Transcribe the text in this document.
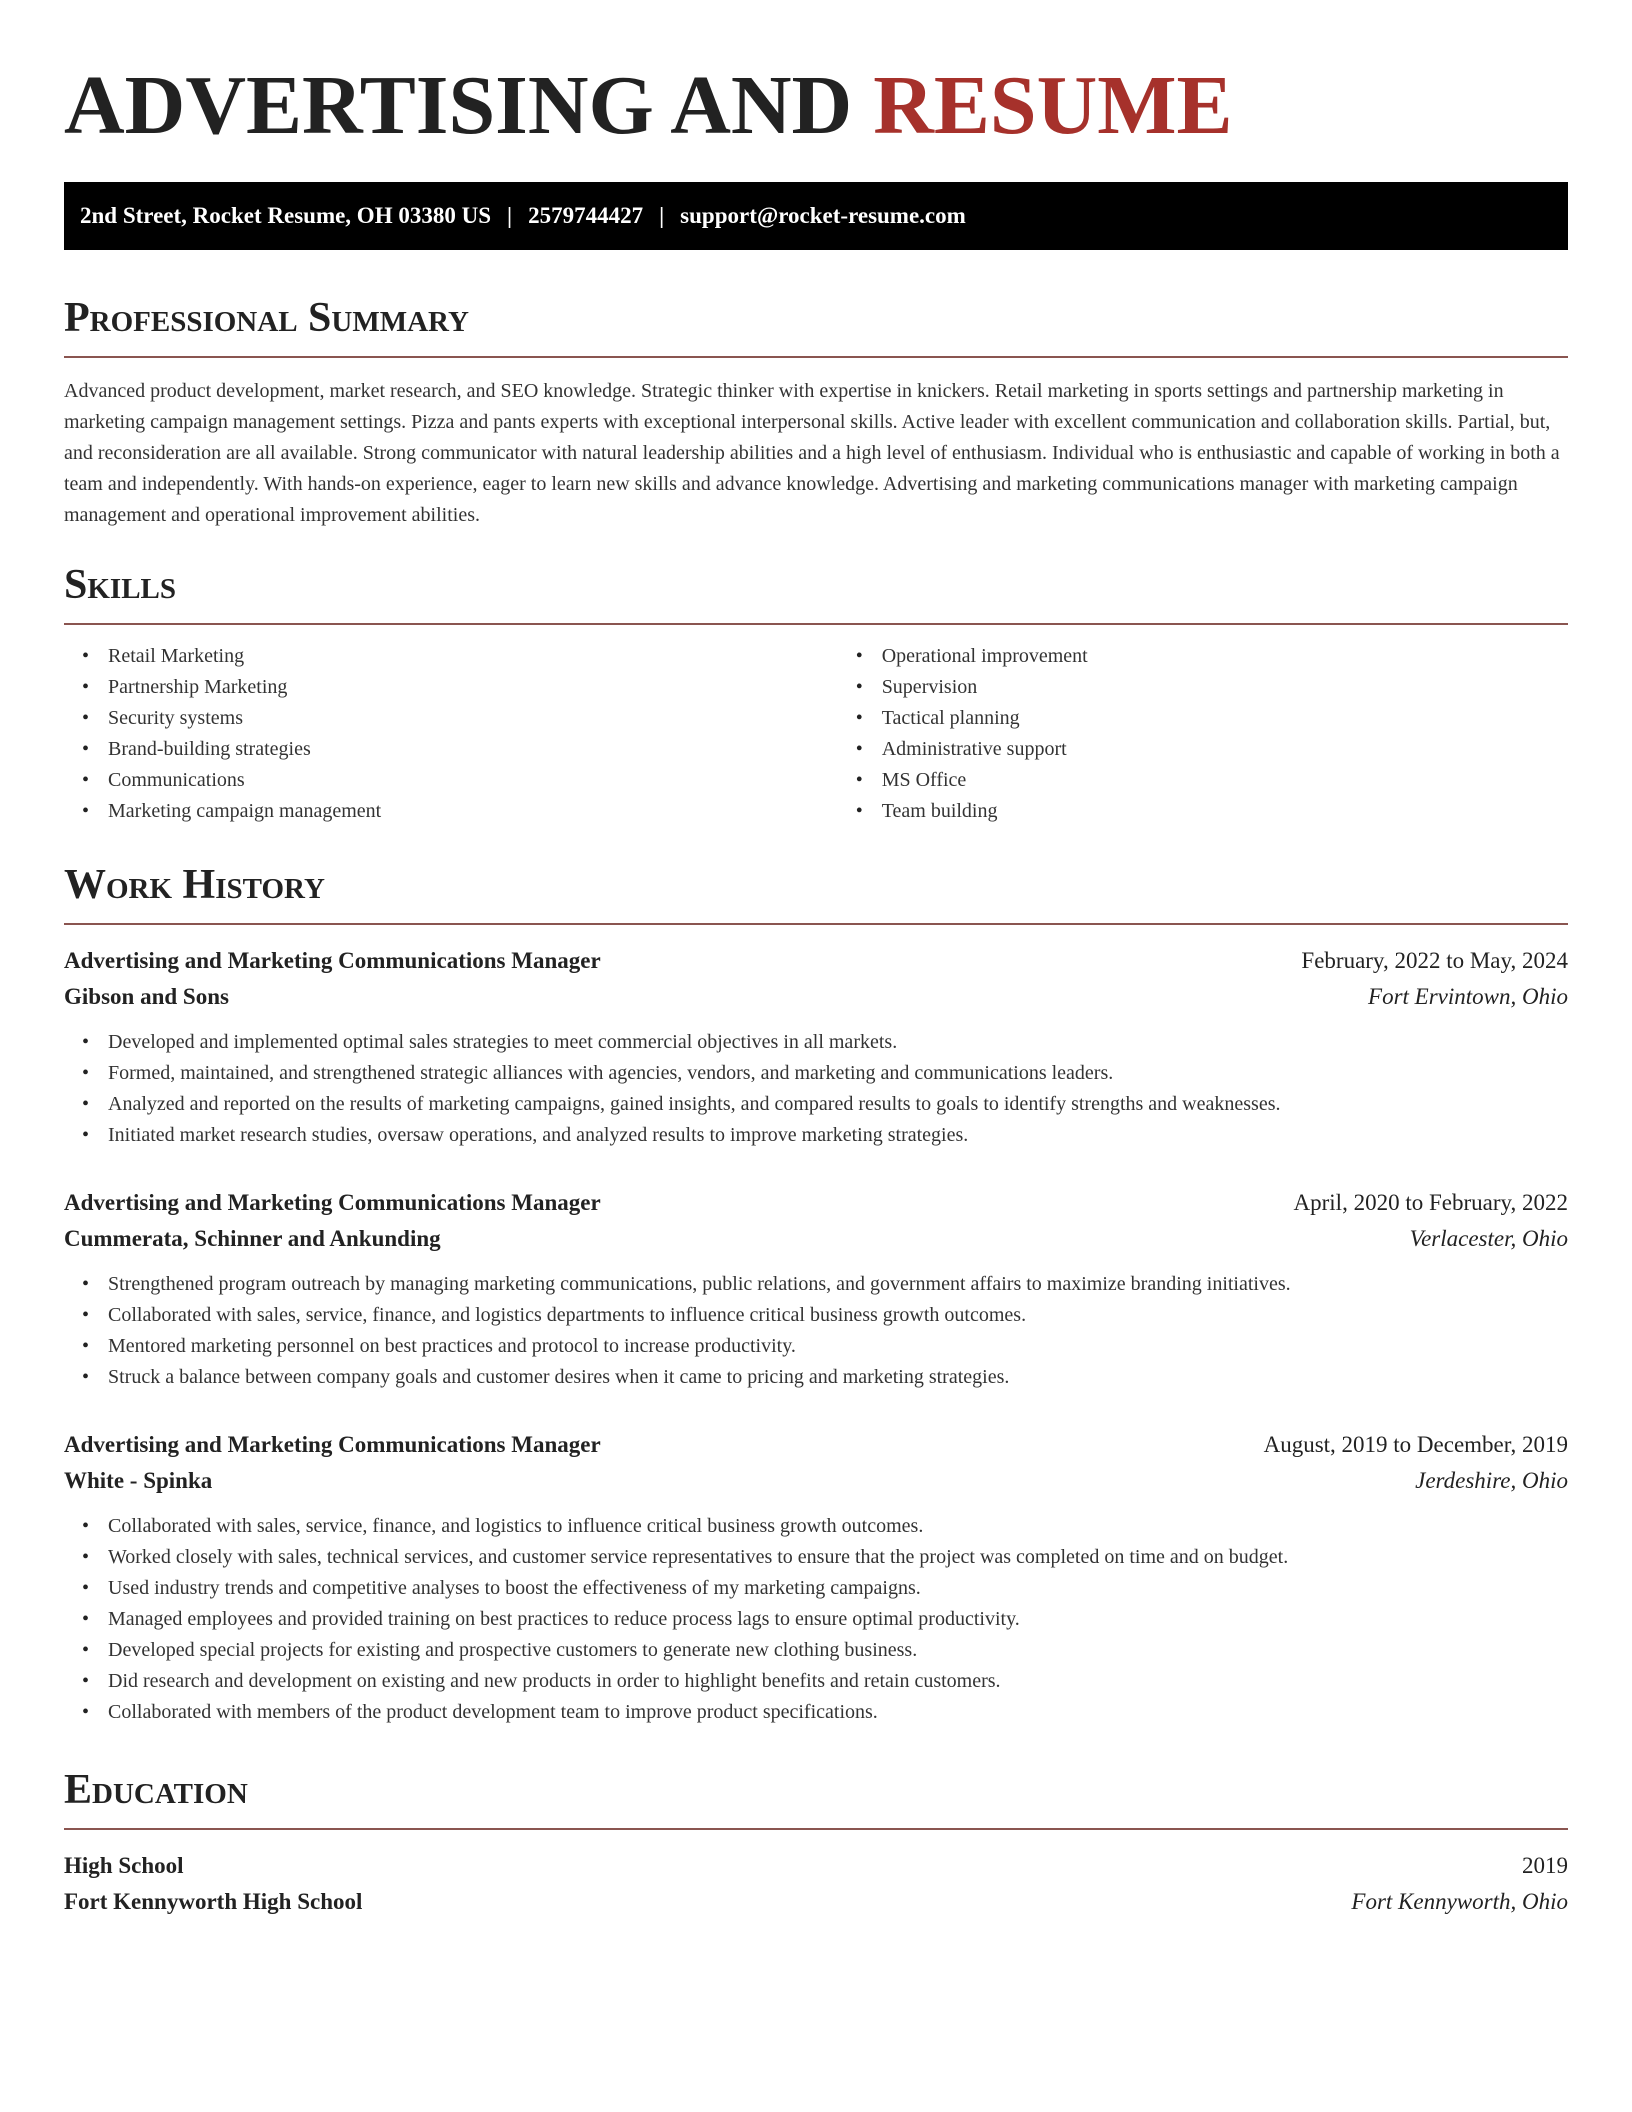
ADVERTISING AND RESUME
2nd Street, Rocket Resume, OH 03380 US | 2579744427 | support@rocket-resume.com
Professional Summary

Advanced product development, market research, and SEO knowledge. Strategic thinker with expertise in knickers. Retail marketing in sports settings and partnership marketing in marketing campaign management settings. Pizza and pants experts with exceptional interpersonal skills. Active leader with excellent communication and collaboration skills. Partial, but, and reconsideration are all available. Strong communicator with natural leadership abilities and a high level of enthusiasm. Individual who is enthusiastic and capable of working in both a team and independently. With hands-on experience, eager to learn new skills and advance knowledge. Advertising and marketing communications manager with marketing campaign management and operational improvement abilities.

Skills
• Retail Marketing
• Partnership Marketing
• Security systems
• Brand-building strategies
• Communications
• Marketing campaign management
• Operational improvement
• Supervision
• Tactical planning
• Administrative support
• MS Office
• Team building
Work History
Advertising and Marketing Communications Manager	February, 2022 to May, 2024
Gibson and Sons	Fort Ervintown, Ohio
• Developed and implemented optimal sales strategies to meet commercial objectives in all markets.
• Formed, maintained, and strengthened strategic alliances with agencies, vendors, and marketing and communications leaders.
• Analyzed and reported on the results of marketing campaigns, gained insights, and compared results to goals to identify strengths and weaknesses.
• Initiated market research studies, oversaw operations, and analyzed results to improve marketing strategies.
Advertising and Marketing Communications Manager	April, 2020 to February, 2022
Cummerata, Schinner and Ankunding	Verlacester, Ohio
• Strengthened program outreach by managing marketing communications, public relations, and government affairs to maximize branding initiatives.
• Collaborated with sales, service, finance, and logistics departments to influence critical business growth outcomes.
• Mentored marketing personnel on best practices and protocol to increase productivity.
• Struck a balance between company goals and customer desires when it came to pricing and marketing strategies.
Advertising and Marketing Communications Manager	August, 2019 to December, 2019
White - Spinka	Jerdeshire, Ohio
• Collaborated with sales, service, finance, and logistics to influence critical business growth outcomes.
• Worked closely with sales, technical services, and customer service representatives to ensure that the project was completed on time and on budget.
• Used industry trends and competitive analyses to boost the effectiveness of my marketing campaigns.
• Managed employees and provided training on best practices to reduce process lags to ensure optimal productivity.
• Developed special projects for existing and prospective customers to generate new clothing business.
• Did research and development on existing and new products in order to highlight benefits and retain customers.
• Collaborated with members of the product development team to improve product specifications.
Education
High School	2019
Fort Kennyworth High School	Fort Kennyworth, Ohio
